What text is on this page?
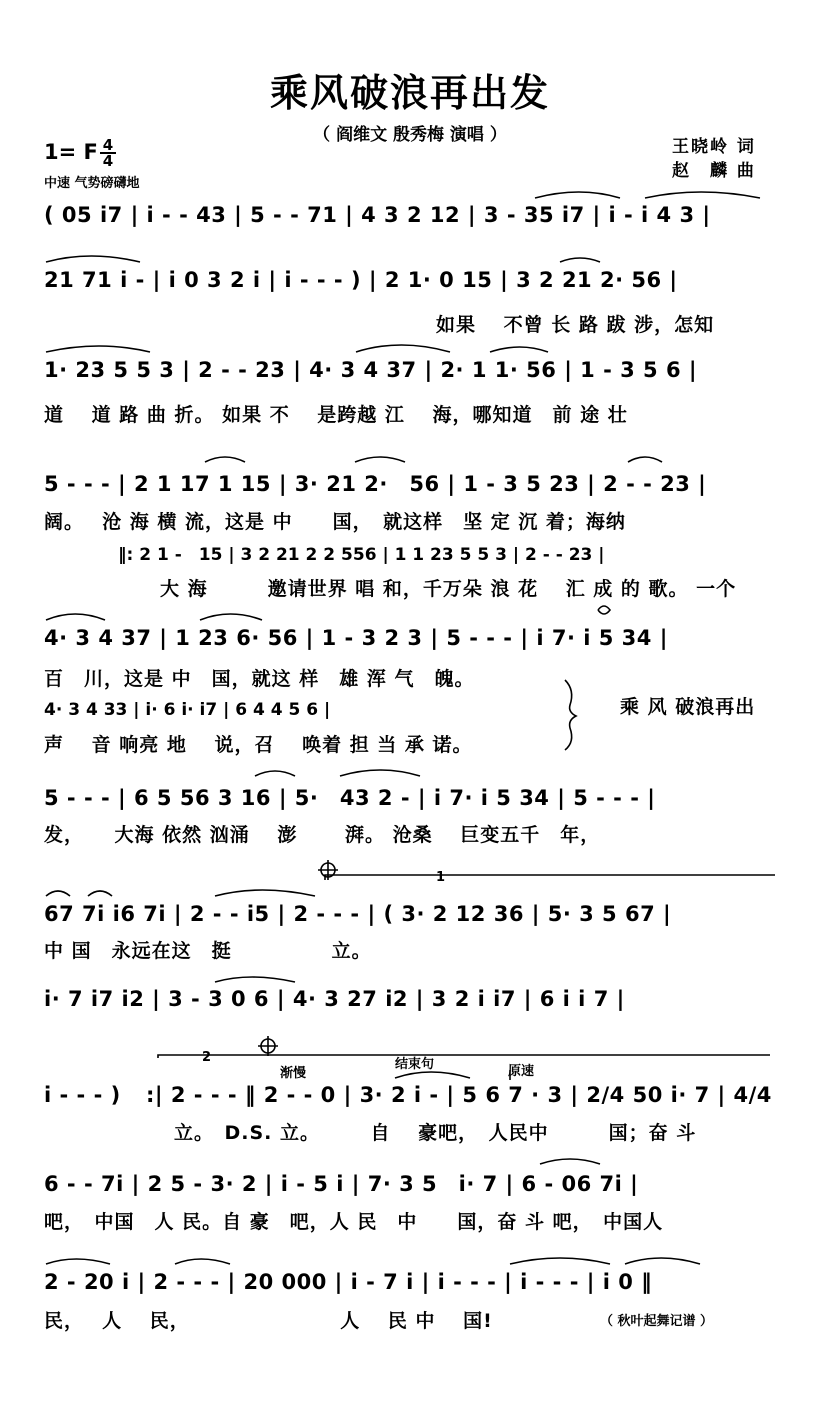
乘风破浪再出发
（ 阎维文 殷秀梅 演唱 ）
1= F 4
4
中速 气势磅礴地
王晓岭 词
赵　麟 曲
( 05 i7 | i - - 43 | 5 - - 71 | 4 3 2 12 | 3 - 35 i7 | i - i 4 3 |
21 71 i - | i 0 3 2 i | i - - - ) | 2 1· 0 15 | 3 2 21 2· 56 |
如果　 不曾 长 路 跋 涉，怎知
1· 23 5 5 3 | 2 - - 23 | 4· 3 4 37 | 2· 1 1· 56 | 1 - 3 5 6 |
道　 道 路 曲 折。 如果 不　 是跨越 江　 海，哪知道　前 途 壮
5 - - - | 2 1 17 1 15 | 3· 21 2·　56 | 1 - 3 5 23 | 2 - - 23 |
阔。　 沧 海 横 流，这是 中　　国，　就这样　坚 定 沉 着；海纳
‖: 2 1 -　15 | 3 2 21 2 2 556 | 1 1 23 5 5 3 | 2 - - 23 |
大 海　　　邀请世界 唱 和，千万朵 浪 花　 汇 成 的 歌。 一个
4· 3 4 37 | 1 23 6· 56 | 1 - 3 2 3 | 5 - - - | i 7· i 5 34 |
百　川，这是 中　国，就这 样　雄 浑 气　魄。
4· 3 4 33 | i· 6 i· i7 | 6 4 4 5 6 |
声　 音 响亮 地　 说，召　 唤着 担 当 承 诺。
乘 风 破浪再出
5 - - - | 6 5 56 3 16 | 5·　43 2 - | i 7· i 5 34 | 5 - - - |
发，　　大海 依然 汹涌　 澎　　 湃。 沧桑　 巨变五千　年，
1
67 7i i6 7i | 2 - - i5 | 2 - - - | ( 3· 2 12 36 | 5· 3 5 67 |
中 国　永远在这　挺　　　　　立。
i· 7 i7 i2 | 3 - 3 0 6 | 4· 3 27 i2 | 3 2 i i7 | 6 i i 7 |
2
渐慢
结束句	原速
i - - - ) :| 2 - - - ‖ 2 - - 0 | 3· 2 i - | 5 6 7 · 3 | 2/4 50 i· 7 | 4/4
立。　D.S. 立。　　　自　 豪吧，　人民中　　　国；奋 斗
6 - - 7i | 2 5 - 3· 2 | i - 5 i | 7· 3 5　i· 7 | 6 - 06 7i |
吧，　中国　人 民。自 豪　吧，人 民　中　　国，奋 斗 吧，　中国人
2 - 20 i | 2 - - - | 20 000 | i - 7 i | i - - - | i - - - | i 0 ‖
民，　 人　 民，　　　　　　　　人　 民 中　 国!	（ 秋叶起舞记谱 ）
